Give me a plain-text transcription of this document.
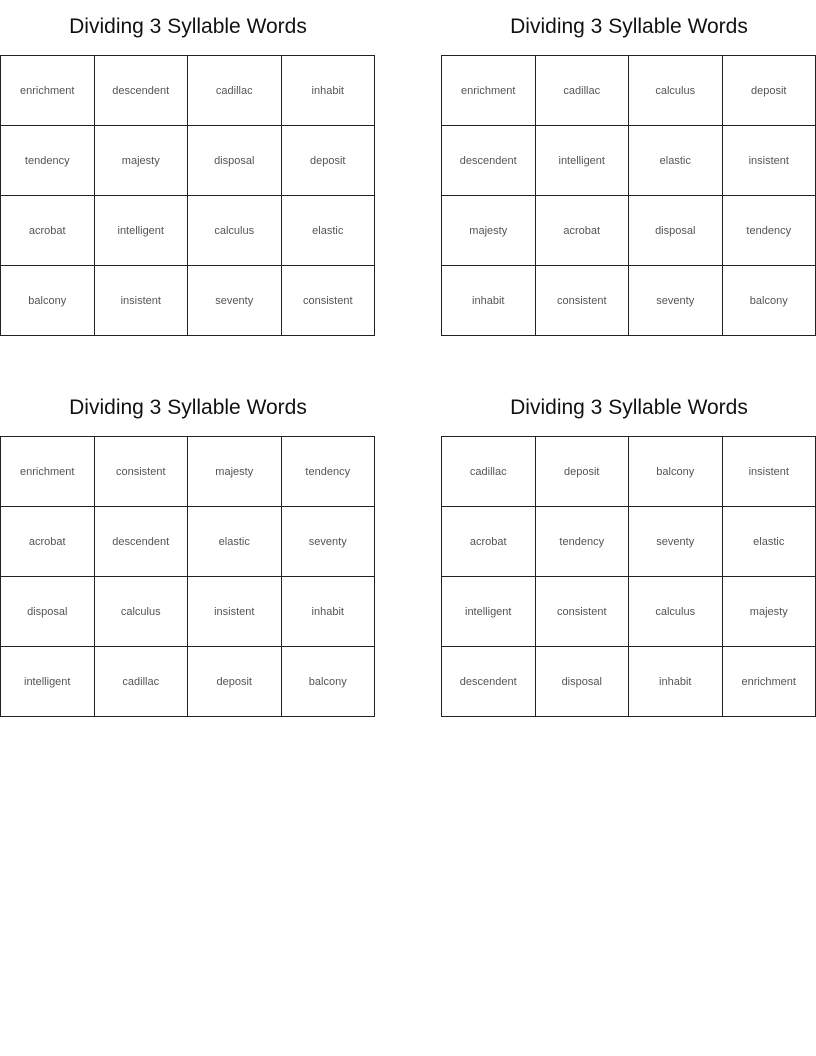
Dividing 3 Syllable Words
enrichment	descendent	cadillac	inhabit
tendency	majesty	disposal	deposit
acrobat	intelligent	calculus	elastic
balcony	insistent	seventy	consistent
Dividing 3 Syllable Words
enrichment	cadillac	calculus	deposit
descendent	intelligent	elastic	insistent
majesty	acrobat	disposal	tendency
inhabit	consistent	seventy	balcony
Dividing 3 Syllable Words
enrichment	consistent	majesty	tendency
acrobat	descendent	elastic	seventy
disposal	calculus	insistent	inhabit
intelligent	cadillac	deposit	balcony
Dividing 3 Syllable Words
cadillac	deposit	balcony	insistent
acrobat	tendency	seventy	elastic
intelligent	consistent	calculus	majesty
descendent	disposal	inhabit	enrichment
